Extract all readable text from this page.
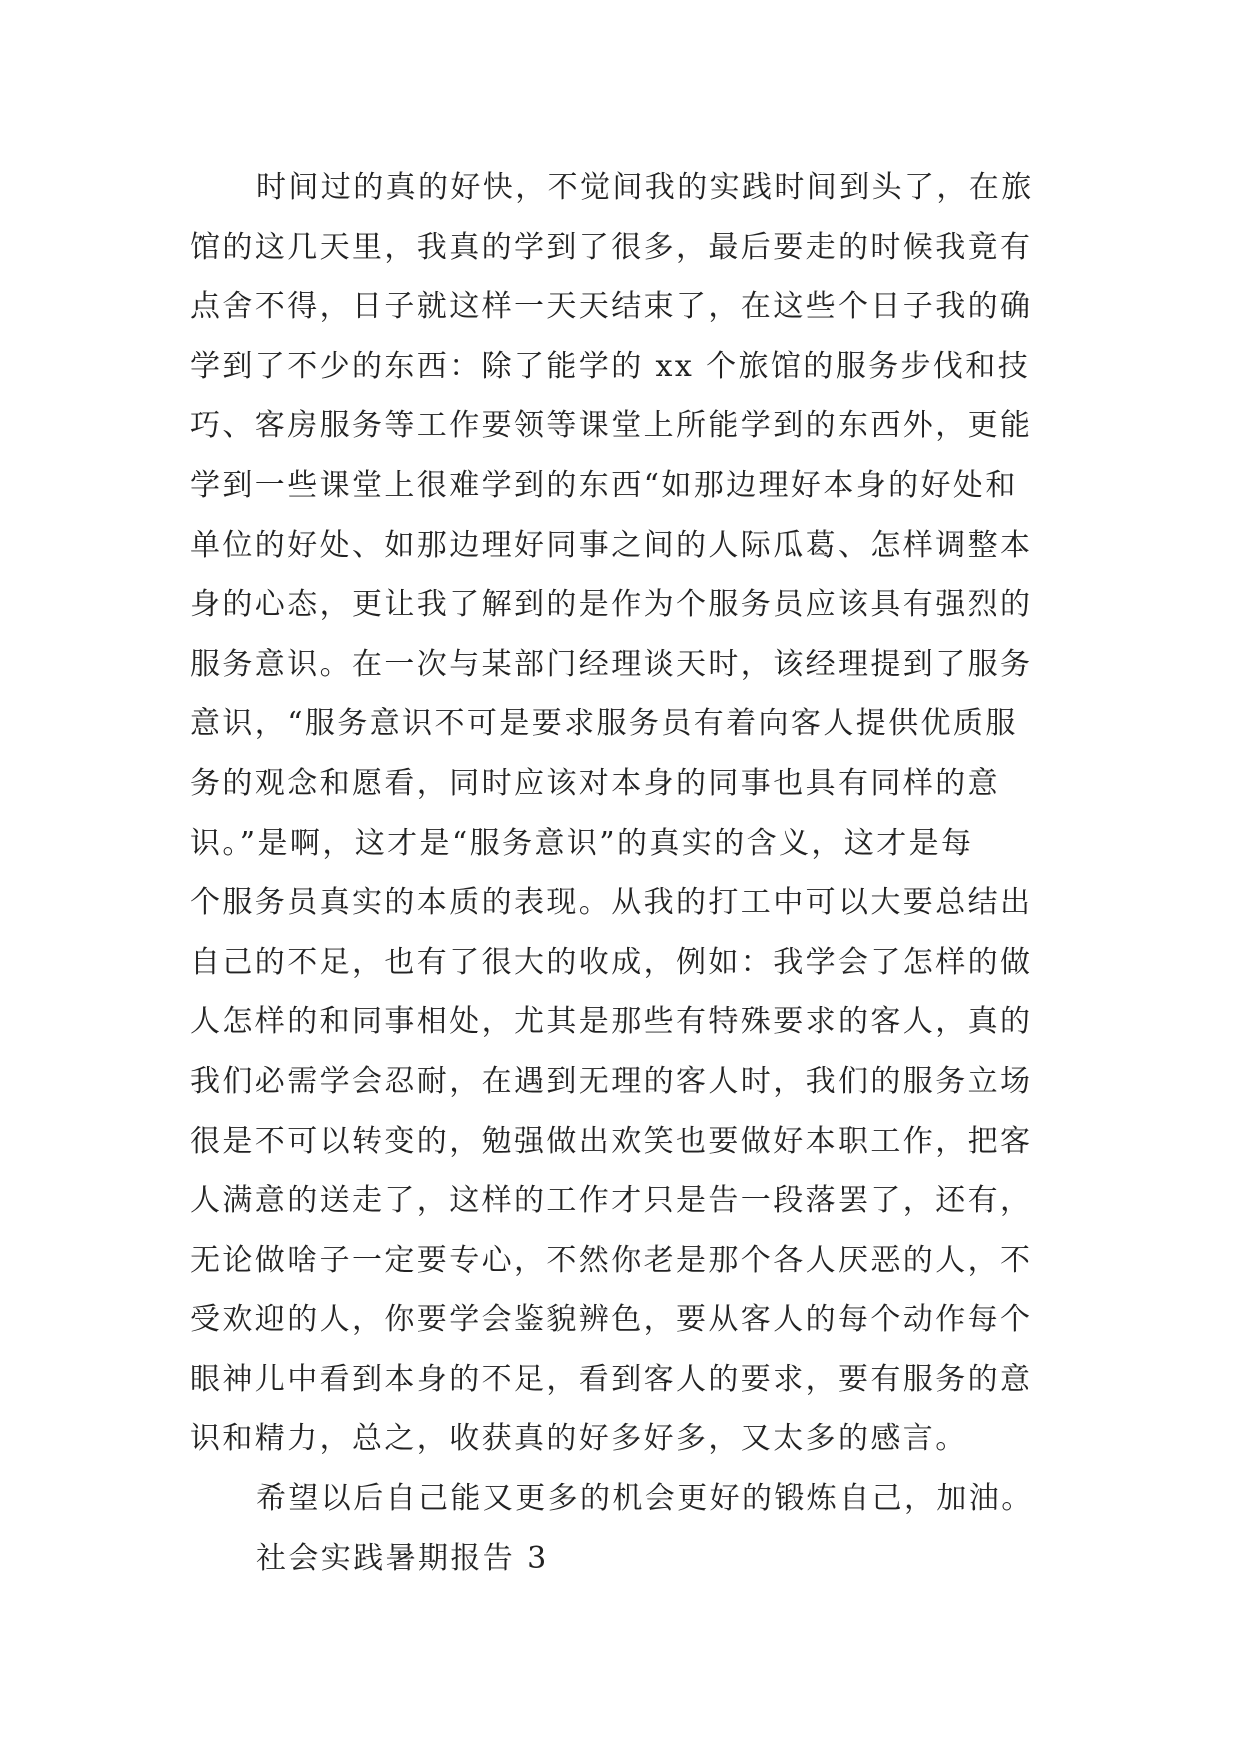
时间过的真的好快，不觉间我的实践时间到头了，在旅
馆的这几天里，我真的学到了很多，最后要走的时候我竟有
点舍不得，日子就这样一天天结束了，在这些个日子我的确
学到了不少的东西：除了能学的 xx 个旅馆的服务步伐和技
巧、客房服务等工作要领等课堂上所能学到的东西外，更能
学到一些课堂上很难学到的东西“如那边理好本身的好处和
单位的好处、如那边理好同事之间的人际瓜葛、怎样调整本
身的心态，更让我了解到的是作为个服务员应该具有强烈的
服务意识。在一次与某部门经理谈天时，该经理提到了服务
意识，“服务意识不可是要求服务员有着向客人提供优质服
务的观念和愿看，同时应该对本身的同事也具有同样的意
识。”是啊，这才是“服务意识”的真实的含义，这才是每
个服务员真实的本质的表现。从我的打工中可以大要总结出
自己的不足，也有了很大的收成，例如：我学会了怎样的做
人怎样的和同事相处，尤其是那些有特殊要求的客人，真的
我们必需学会忍耐，在遇到无理的客人时，我们的服务立场
很是不可以转变的，勉强做出欢笑也要做好本职工作，把客
人满意的送走了，这样的工作才只是告一段落罢了，还有，
无论做啥子一定要专心，不然你老是那个各人厌恶的人，不
受欢迎的人，你要学会鉴貌辨色，要从客人的每个动作每个
眼神儿中看到本身的不足，看到客人的要求，要有服务的意
识和精力，总之，收获真的好多好多，又太多的感言。
希望以后自己能又更多的机会更好的锻炼自己，加油。
社会实践暑期报告 3
